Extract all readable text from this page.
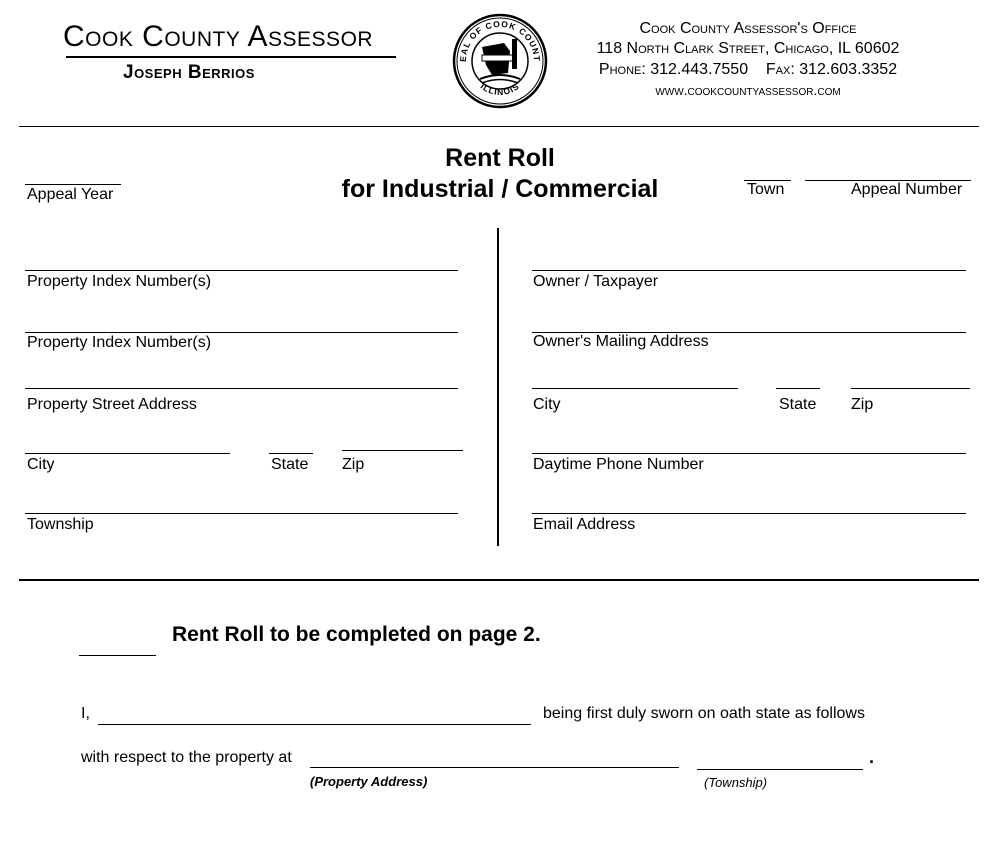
Cook County Assessor
Joseph Berrios
EAL OF COOK COUNT
ILLINOIS
Cook County Assessor's Office
118 North Clark Street, Chicago, IL 60602
Phone: 312.443.7550 Fax: 312.603.3352
www.cookcountyassessor.com
Rent Roll
for Industrial / Commercial
Appeal Year	Town	Appeal Number
Property Index Number(s)
Property Index Number(s)
Property Street Address
City	State Zip
Township
Owner / Taxpayer
Owner's Mailing Address
City	State Zip
Daytime Phone Number
Email Address
Rent Roll to be completed on page 2.
I,	being first duly sworn on oath state as follows
with respect to the property at	.
(Property Address)	(Township)
